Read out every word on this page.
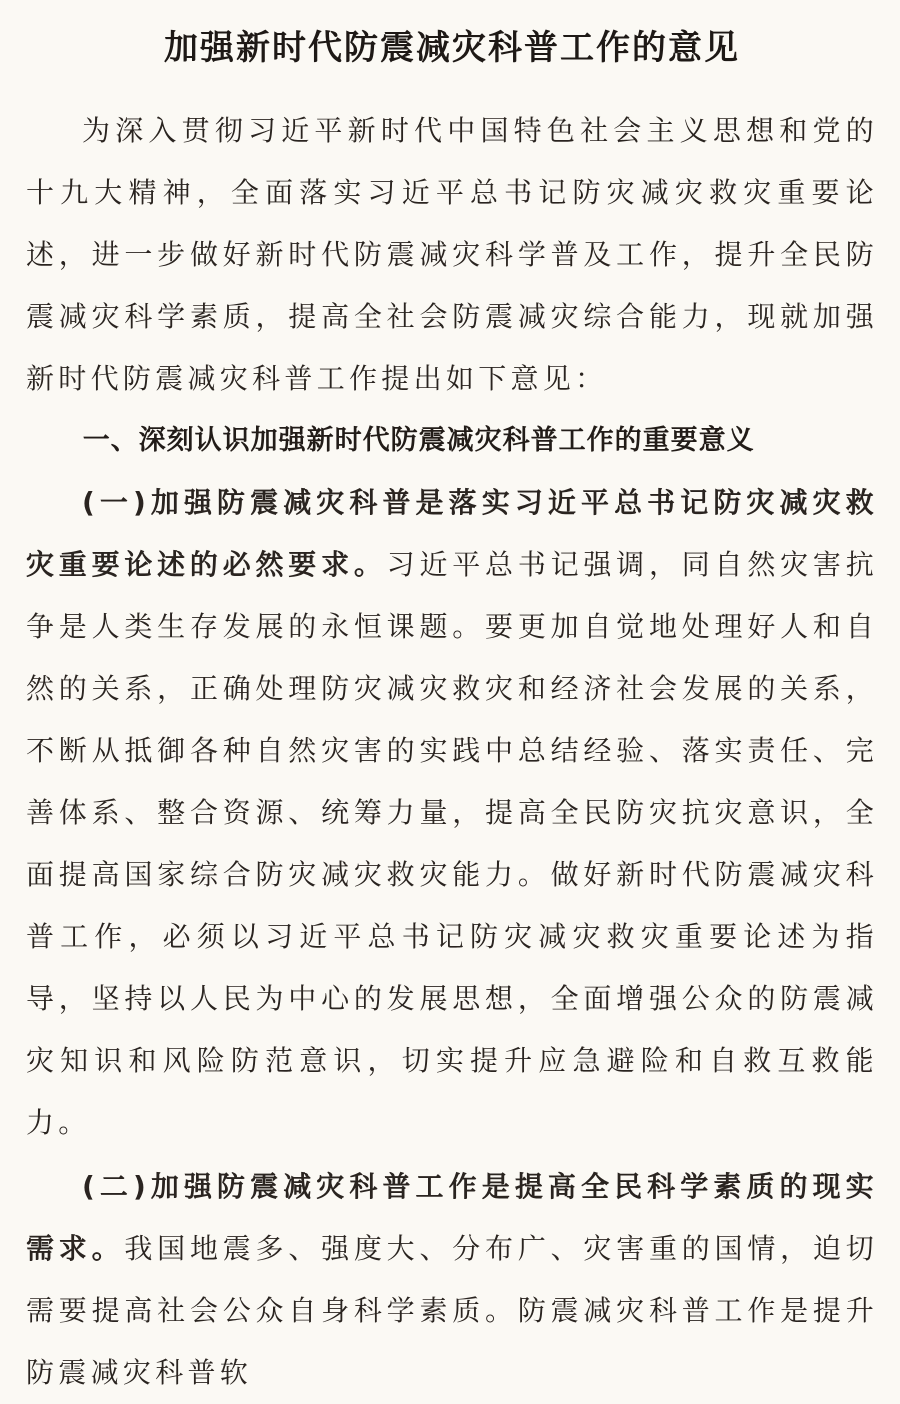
加强新时代防震减灾科普工作的意见

为深入贯彻习近平新时代中国特色社会主义思想和党的十九大精神，全面落实习近平总书记防灾减灾救灾重要论述，进一步做好新时代防震减灾科学普及工作，提升全民防震减灾科学素质，提高全社会防震减灾综合能力，现就加强新时代防震减灾科普工作提出如下意见：

一、深刻认识加强新时代防震减灾科普工作的重要意义

(一)加强防震减灾科普是落实习近平总书记防灾减灾救灾重要论述的必然要求。习近平总书记强调，同自然灾害抗争是人类生存发展的永恒课题。要更加自觉地处理好人和自然的关系，正确处理防灾减灾救灾和经济社会发展的关系，不断从抵御各种自然灾害的实践中总结经验、落实责任、完善体系、整合资源、统筹力量，提高全民防灾抗灾意识，全面提高国家综合防灾减灾救灾能力。做好新时代防震减灾科普工作，必须以习近平总书记防灾减灾救灾重要论述为指导，坚持以人民为中心的发展思想，全面增强公众的防震减灾知识和风险防范意识，切实提升应急避险和自救互救能力。

(二)加强防震减灾科普工作是提高全民科学素质的现实需求。我国地震多、强度大、分布广、灾害重的国情，迫切需要提高社会公众自身科学素质。防震减灾科普工作是提升防震减灾科普软
